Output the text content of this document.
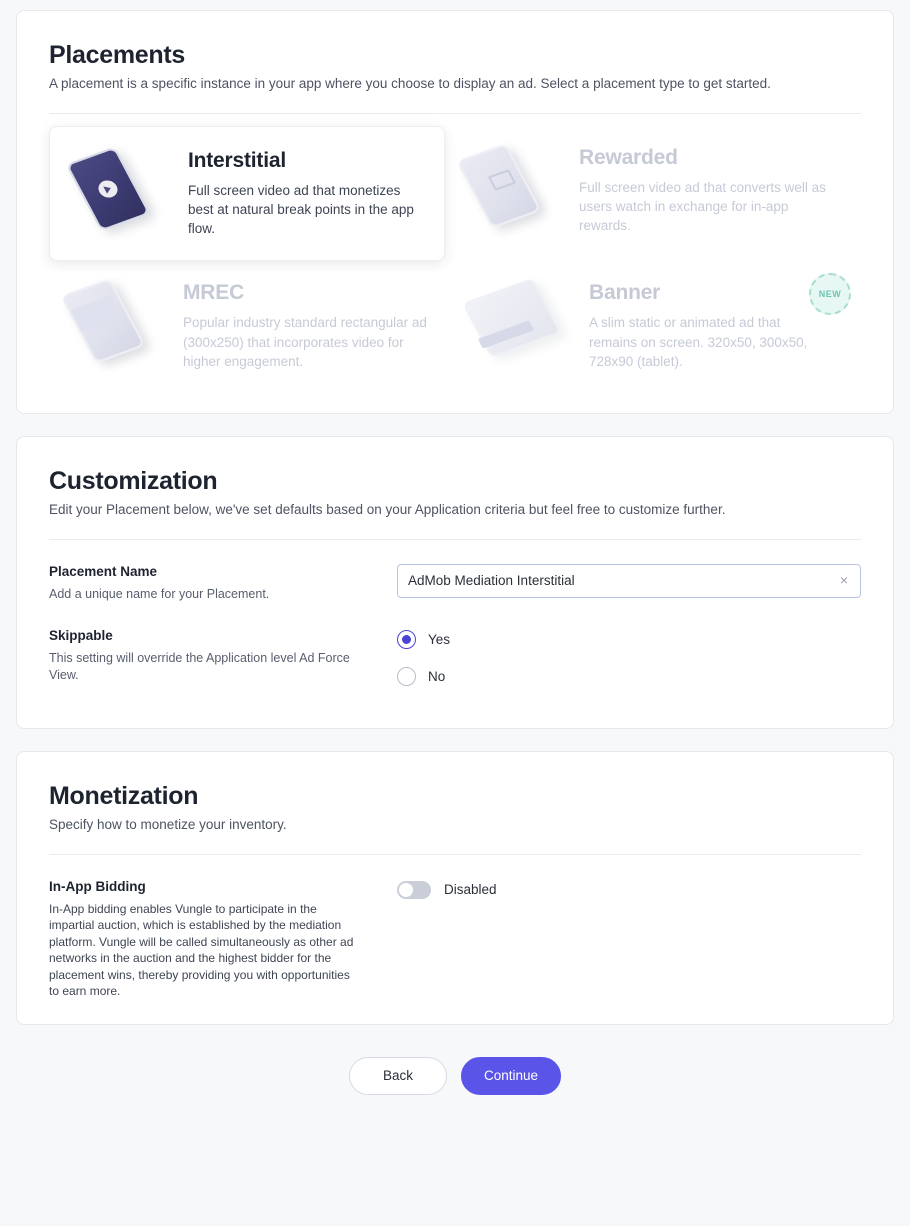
Placements

A placement is a specific instance in your app where you choose to display an ad. Select a placement type to get started.

Interstitial

Full screen video ad that monetizes best at natural break points in the app flow.

Rewarded

Full screen video ad that converts well as users watch in exchange for in-app rewards.

MREC

Popular industry standard rectangular ad (300x250) that incorporates video for higher engagement.

Banner

A slim static or animated ad that remains on screen. 320x50, 300x50, 728x90 (tablet).

NEW
Customization

Edit your Placement below, we've set defaults based on your Application criteria but feel free to customize further.

Placement Name

Add a unique name for your Placement.

AdMob Mediation Interstitial
×

Skippable

This setting will override the Application level Ad Force View.

Yes
No
Monetization

Specify how to monetize your inventory.

In-App Bidding

In-App bidding enables Vungle to participate in the impartial auction, which is established by the mediation platform. Vungle will be called simultaneously as other ad networks in the auction and the highest bidder for the placement wins, thereby providing you with opportunities to earn more.

Disabled
Back	Continue
